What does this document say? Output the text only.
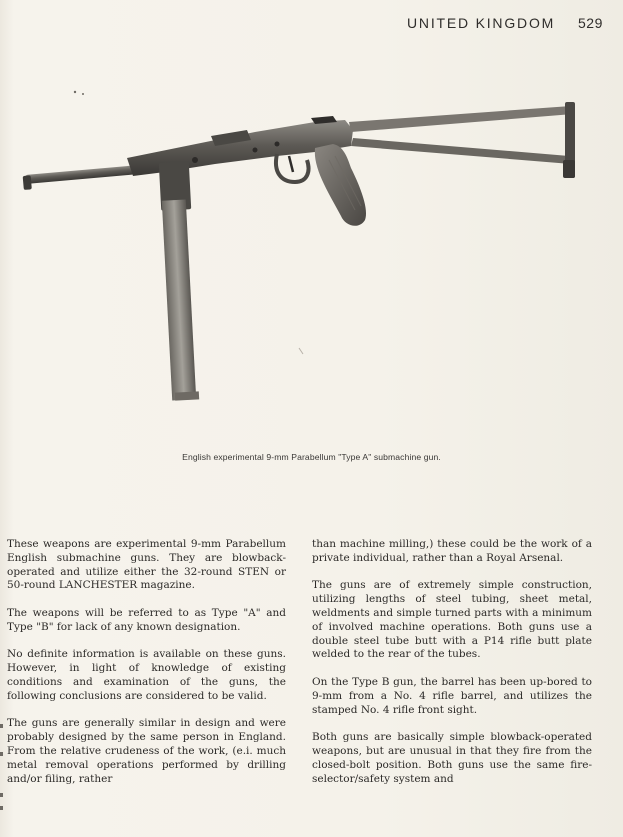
UNITED KINGDOM 529
English experimental 9-mm Parabellum "Type A" submachine gun.

These weapons are experimental 9-mm Parabellum English submachine guns. They are blowback-operated and utilize either the 32-round STEN or 50-round LANCHESTER magazine.

The weapons will be referred to as Type "A" and Type "B" for lack of any known designation.

No definite information is available on these guns. However, in light of knowledge of existing conditions and examination of the guns, the following conclusions are considered to be valid.

The guns are generally similar in design and were probably designed by the same person in England. From the relative crudeness of the work, (e.i. much metal removal operations performed by drilling and/or filing, rather

than machine milling,) these could be the work of a private individual, rather than a Royal Arsenal.

The guns are of extremely simple construction, utilizing lengths of steel tubing, sheet metal, weldments and simple turned parts with a minimum of involved machine operations. Both guns use a double steel tube butt with a P14 rifle butt plate welded to the rear of the tubes.

On the Type B gun, the barrel has been up-bored to 9-mm from a No. 4 rifle barrel, and utilizes the stamped No. 4 rifle front sight.

Both guns are basically simple blowback-operated weapons, but are unusual in that they fire from the closed-bolt position. Both guns use the same fire-selector/safety system and
